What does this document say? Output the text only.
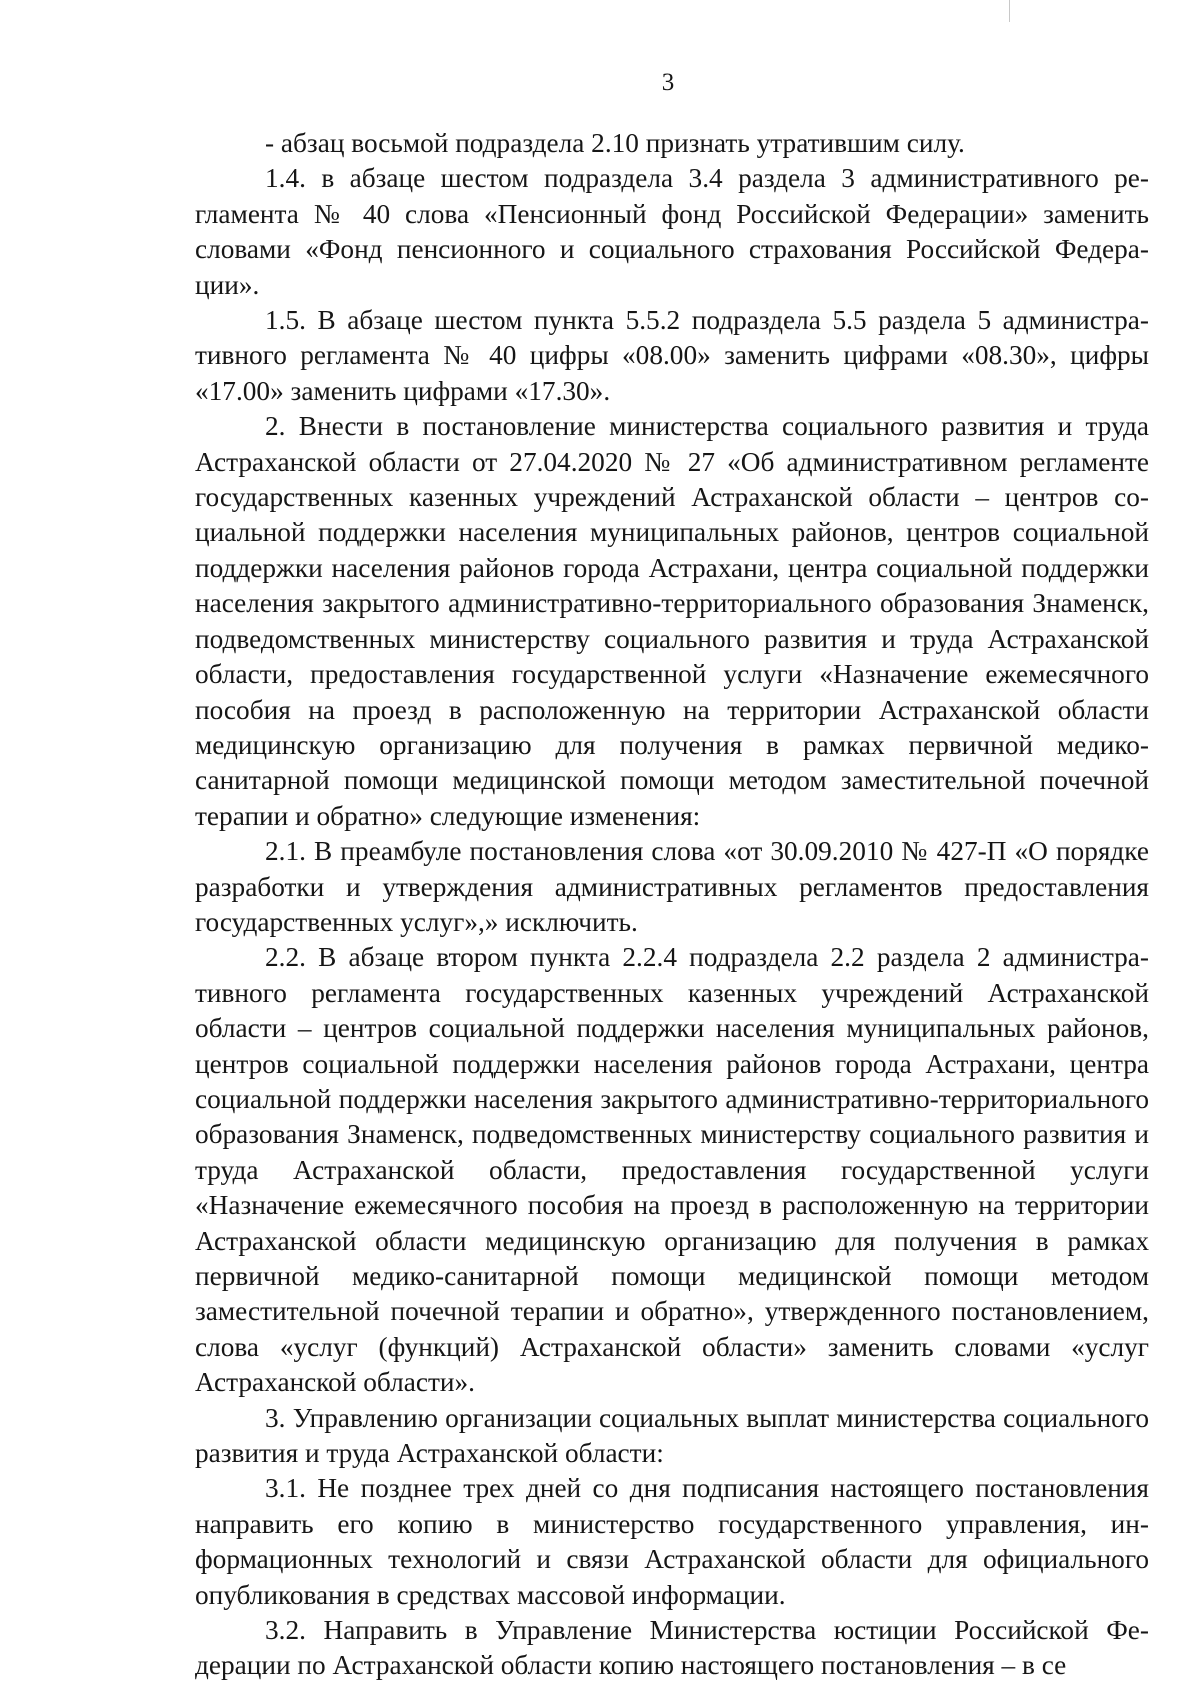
3

- абзац восьмой подраздела 2.10 признать утратившим силу.

1.4. в абзаце шестом подраздела 3.4 раздела 3 административного регламента № 40 слова «Пенсионный фонд Российской Федерации» заменить словами «Фонд пенсионного и социального страхования Российской Федерации».

1.5. В абзаце шестом пункта 5.5.2 подраздела 5.5 раздела 5 административного регламента № 40 цифры «08.00» заменить цифрами «08.30», цифры «17.00» заменить цифрами «17.30».

2. Внести в постановление министерства социального развития и труда Астраханской области от 27.04.2020 № 27 «Об административном регламенте государственных казенных учреждений Астраханской области – центров социальной поддержки населения муниципальных районов, центров социальной поддержки населения районов города Астрахани, центра социальной поддержки населения закрытого административно-территориального образования Знаменск, подведомственных министерству социального развития и труда Астраханской области, предоставления государственной услуги «Назначение ежемесячного пособия на проезд в расположенную на территории Астраханской области медицинскую организацию для получения в рамках первичной медико-санитарной помощи медицинской помощи методом заместительной почечной терапии и обратно» следующие изменения:

2.1. В преамбуле постановления слова «от 30.09.2010 № 427-П «О порядке разработки и утверждения административных регламентов предоставления государственных услуг»,» исключить.

2.2. В абзаце втором пункта 2.2.4 подраздела 2.2 раздела 2 административного регламента государственных казенных учреждений Астраханской области – центров социальной поддержки населения муниципальных районов, центров социальной поддержки населения районов города Астрахани, центра социальной поддержки населения закрытого административно-территориального образования Знаменск, подведомственных министерству социального развития и труда Астраханской области, предоставления государственной услуги «Назначение ежемесячного пособия на проезд в расположенную на территории Астраханской области медицинскую организацию для получения в рамках первичной медико-санитарной помощи медицинской помощи методом заместительной почечной терапии и обратно», утвержденного постановлением, слова «услуг (функций) Астраханской области» заменить словами «услуг Астраханской области».

3. Управлению организации социальных выплат министерства социального развития и труда Астраханской области:

3.1. Не позднее трех дней со дня подписания настоящего постановления направить его копию в министерство государственного управления, информационных технологий и связи Астраханской области для официального опубликования в средствах массовой информации.

3.2. Направить в Управление Министерства юстиции Российской Федерации по Астраханской области копию настоящего постановления – в се
